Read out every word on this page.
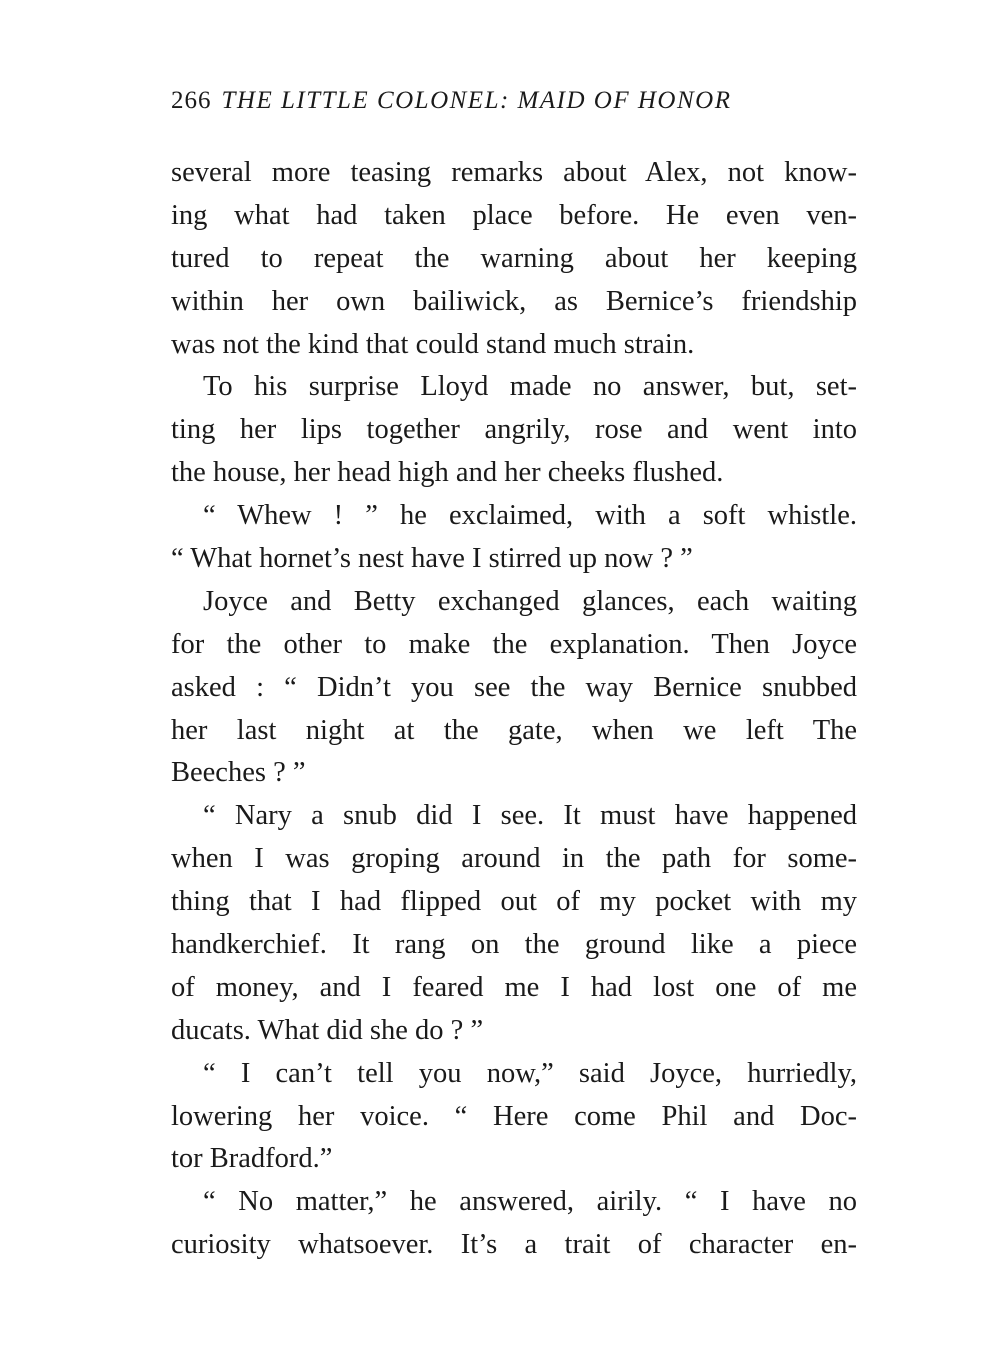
266 THE LITTLE COLONEL: MAID OF HONOR
several more teasing remarks about Alex, not know-
ing what had taken place before. He even ven-
tured to repeat the warning about her keeping
within her own bailiwick, as Bernice’s friendship
was not the kind that could stand much strain.
To his surprise Lloyd made no answer, but, set-
ting her lips together angrily, rose and went into
the house, her head high and her cheeks flushed.
“ Whew ! ” he exclaimed, with a soft whistle.
“ What hornet’s nest have I stirred up now ? ”
Joyce and Betty exchanged glances, each waiting
for the other to make the explanation. Then Joyce
asked : “ Didn’t you see the way Bernice snubbed
her last night at the gate, when we left The
Beeches ? ”
“ Nary a snub did I see. It must have happened
when I was groping around in the path for some-
thing that I had flipped out of my pocket with my
handkerchief. It rang on the ground like a piece
of money, and I feared me I had lost one of me
ducats. What did she do ? ”
“ I can’t tell you now,” said Joyce, hurriedly,
lowering her voice. “ Here come Phil and Doc-
tor Bradford.”
“ No matter,” he answered, airily. “ I have no
curiosity whatsoever. It’s a trait of character en-
